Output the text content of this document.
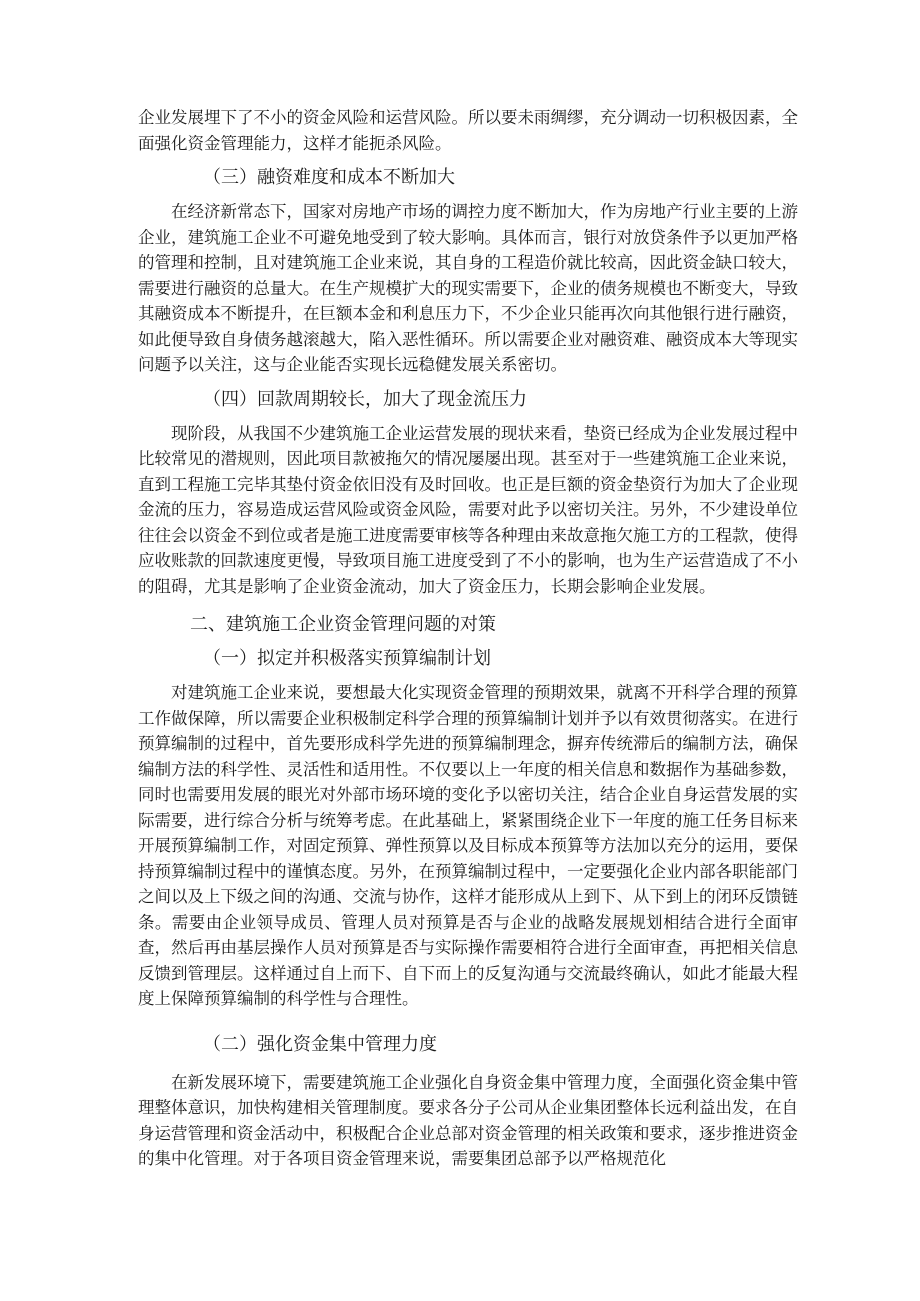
企业发展埋下了不小的资金风险和运营风险。所以要未雨绸缪，充分调动一切积极因素，全面强化资金管理能力，这样才能扼杀风险。

（三）融资难度和成本不断加大

在经济新常态下，国家对房地产市场的调控力度不断加大，作为房地产行业主要的上游企业，建筑施工企业不可避免地受到了较大影响。具体而言，银行对放贷条件予以更加严格的管理和控制，且对建筑施工企业来说，其自身的工程造价就比较高，因此资金缺口较大，需要进行融资的总量大。在生产规模扩大的现实需要下，企业的债务规模也不断变大，导致其融资成本不断提升，在巨额本金和利息压力下，不少企业只能再次向其他银行进行融资，如此便导致自身债务越滚越大，陷入恶性循环。所以需要企业对融资难、融资成本大等现实问题予以关注，这与企业能否实现长远稳健发展关系密切。

（四）回款周期较长，加大了现金流压力

现阶段，从我国不少建筑施工企业运营发展的现状来看，垫资已经成为企业发展过程中比较常见的潜规则，因此项目款被拖欠的情况屡屡出现。甚至对于一些建筑施工企业来说，直到工程施工完毕其垫付资金依旧没有及时回收。也正是巨额的资金垫资行为加大了企业现金流的压力，容易造成运营风险或资金风险，需要对此予以密切关注。另外，不少建设单位往往会以资金不到位或者是施工进度需要审核等各种理由来故意拖欠施工方的工程款，使得应收账款的回款速度更慢，导致项目施工进度受到了不小的影响，也为生产运营造成了不小的阻碍，尤其是影响了企业资金流动，加大了资金压力，长期会影响企业发展。

二、建筑施工企业资金管理问题的对策

（一）拟定并积极落实预算编制计划

对建筑施工企业来说，要想最大化实现资金管理的预期效果，就离不开科学合理的预算工作做保障，所以需要企业积极制定科学合理的预算编制计划并予以有效贯彻落实。在进行预算编制的过程中，首先要形成科学先进的预算编制理念，摒弃传统滞后的编制方法，确保编制方法的科学性、灵活性和适用性。不仅要以上一年度的相关信息和数据作为基础参数，同时也需要用发展的眼光对外部市场环境的变化予以密切关注，结合企业自身运营发展的实际需要，进行综合分析与统筹考虑。在此基础上，紧紧围绕企业下一年度的施工任务目标来开展预算编制工作，对固定预算、弹性预算以及目标成本预算等方法加以充分的运用，要保持预算编制过程中的谨慎态度。另外，在预算编制过程中，一定要强化企业内部各职能部门之间以及上下级之间的沟通、交流与协作，这样才能形成从上到下、从下到上的闭环反馈链条。需要由企业领导成员、管理人员对预算是否与企业的战略发展规划相结合进行全面审查，然后再由基层操作人员对预算是否与实际操作需要相符合进行全面审查，再把相关信息反馈到管理层。这样通过自上而下、自下而上的反复沟通与交流最终确认，如此才能最大程度上保障预算编制的科学性与合理性。

（二）强化资金集中管理力度

在新发展环境下，需要建筑施工企业强化自身资金集中管理力度，全面强化资金集中管理整体意识，加快构建相关管理制度。要求各分子公司从企业集团整体长远利益出发，在自身运营管理和资金活动中，积极配合企业总部对资金管理的相关政策和要求，逐步推进资金的集中化管理。对于各项目资金管理来说，需要集团总部予以严格规范化
